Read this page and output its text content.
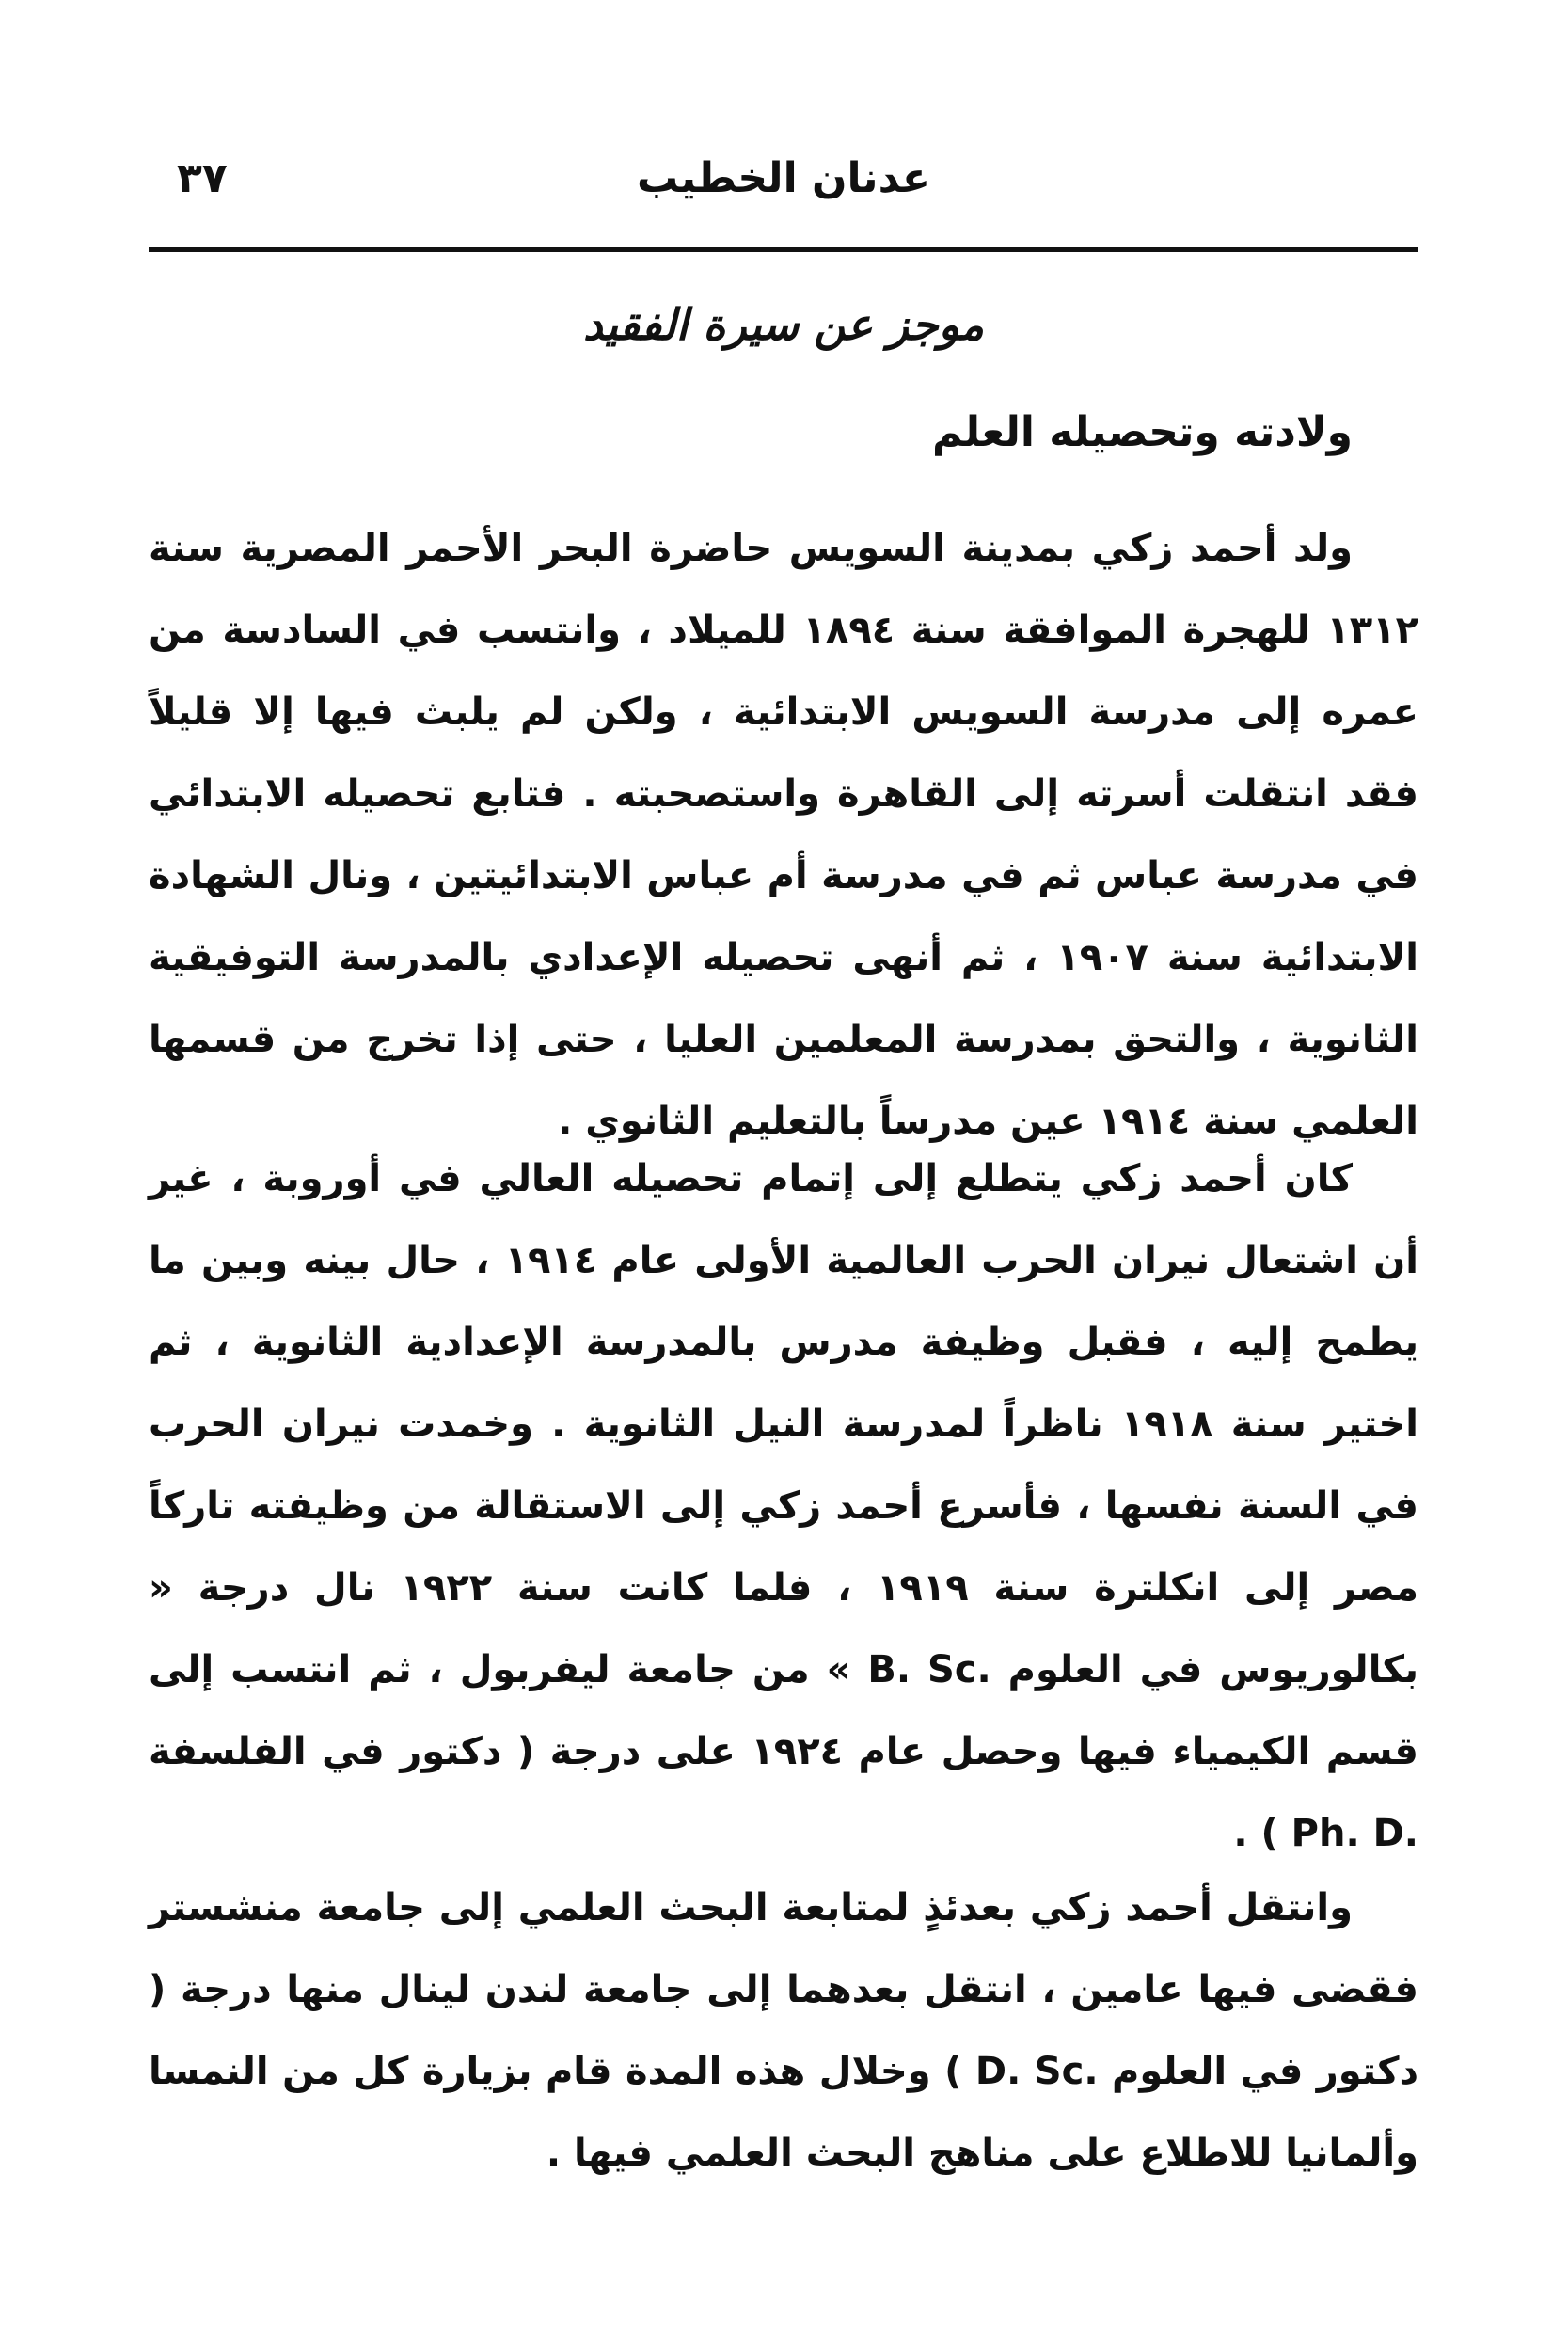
عدنان الخطيب
٣٧
موجز عن سيرة الفقيد
ولادته وتحصيله العلم
ولد أحمد زكي بمدينة السويس حاضرة البحر الأحمر المصرية سنة ١٣١٢ للهجرة الموافقة سنة ١٨٩٤ للميلاد ، وانتسب في السادسة من عمره إلى مدرسة السويس الابتدائية ، ولكن لم يلبث فيها إلا قليلاً فقد انتقلت أسرته إلى القاهرة واستصحبته . فتابع تحصيله الابتدائي في مدرسة عباس ثم في مدرسة أم عباس الابتدائيتين ، ونال الشهادة الابتدائية سنة ١٩٠٧ ، ثم أنهى تحصيله الإعدادي بالمدرسة التوفيقية الثانوية ، والتحق بمدرسة المعلمين العليا ، حتى إذا تخرج من قسمها العلمي سنة ١٩١٤ عين مدرساً بالتعليم الثانوي .
كان أحمد زكي يتطلع إلى إتمام تحصيله العالي في أوروبة ، غير أن اشتعال نيران الحرب العالمية الأولى عام ١٩١٤ ، حال بينه وبين ما يطمح إليه ، فقبل وظيفة مدرس بالمدرسة الإعدادية الثانوية ، ثم اختير سنة ١٩١٨ ناظراً لمدرسة النيل الثانوية . وخمدت نيران الحرب في السنة نفسها ، فأسرع أحمد زكي إلى الاستقالة من وظيفته تاركاً مصر إلى انكلترة سنة ١٩١٩ ، فلما كانت سنة ١٩٢٢ نال درجة « بكالوريوس في العلوم .B. Sc » من جامعة ليفربول ، ثم انتسب إلى قسم الكيمياء فيها وحصل عام ١٩٢٤ على درجة ( دكتور في الفلسفة .Ph. D ) .
وانتقل أحمد زكي بعدئذٍ لمتابعة البحث العلمي إلى جامعة منشستر فقضى فيها عامين ، انتقل بعدهما إلى جامعة لندن لينال منها درجة ( دكتور في العلوم .D. Sc ) وخلال هذه المدة قام بزيارة كل من النمسا وألمانيا للاطلاع على مناهج البحث العلمي فيها .
